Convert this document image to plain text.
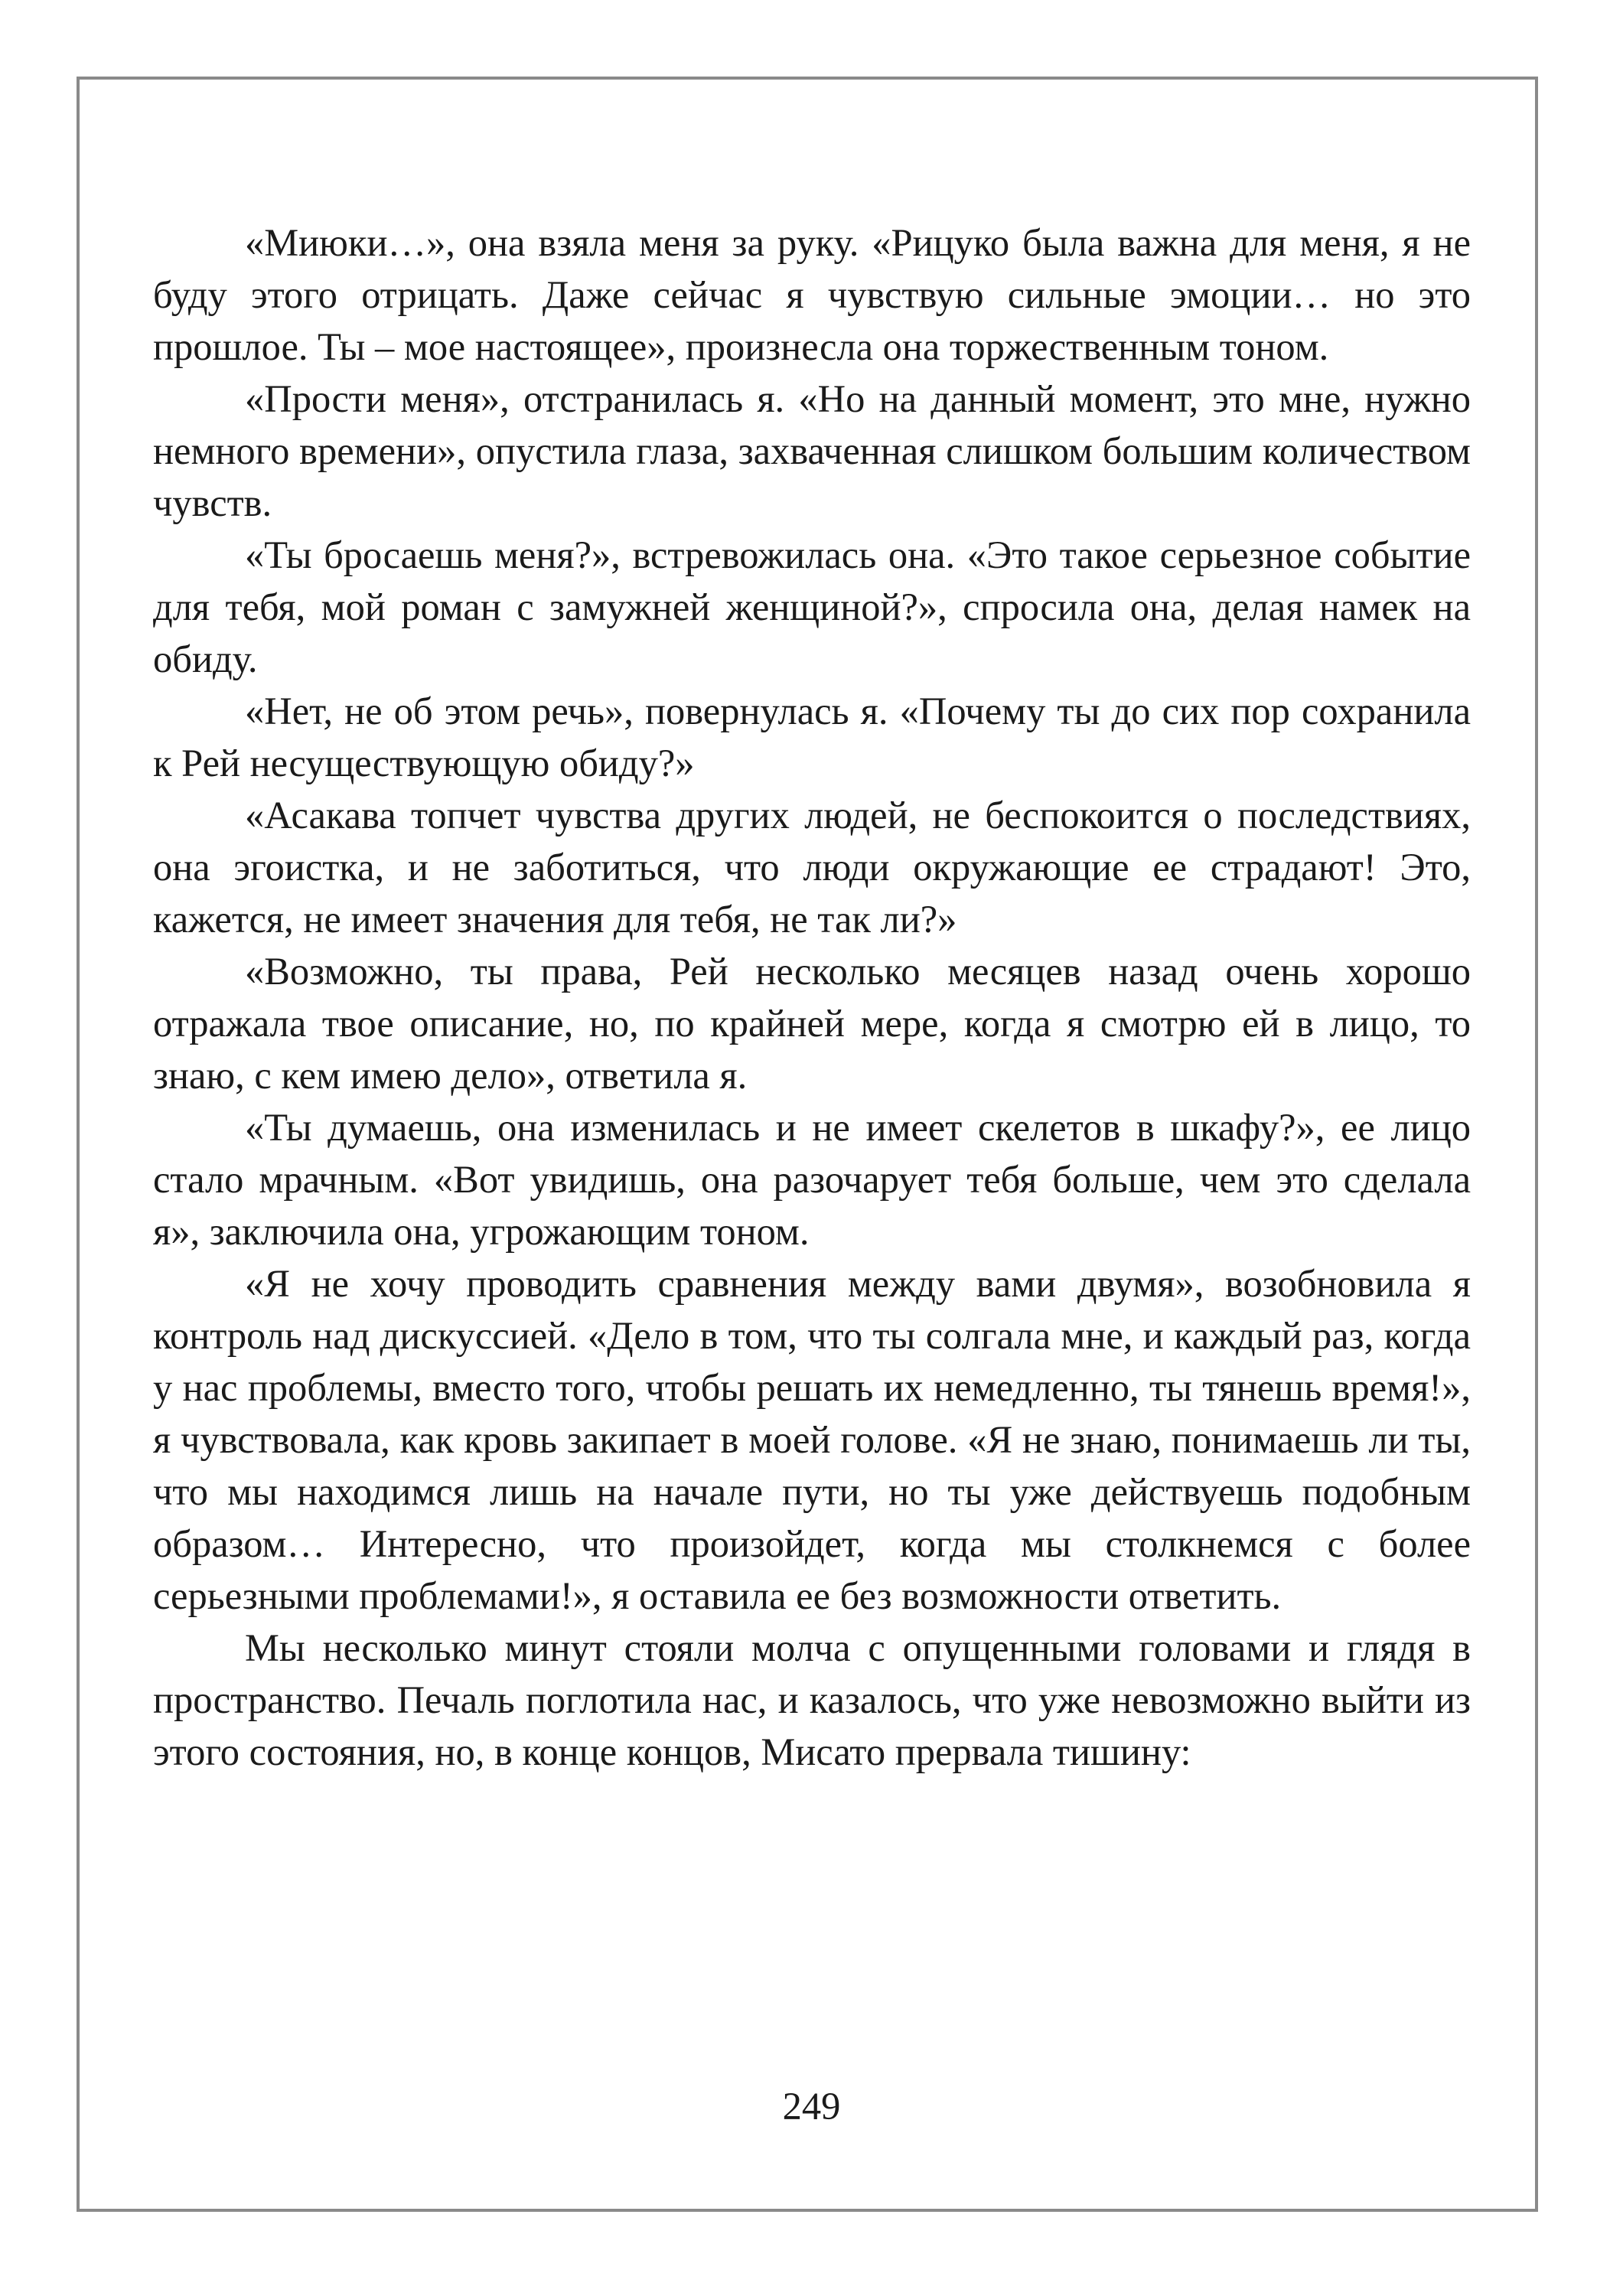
«Миюки…», она взяла меня за руку. «Рицуко была важна для меня, я не буду этого отрицать. Даже сейчас я чувствую сильные эмоции… но это прошлое. Ты – мое настоящее», произнесла она торжественным тоном.

«Прости меня», отстранилась я. «Но на данный момент, это мне, нужно немного времени», опустила глаза, захваченная слишком большим количеством чувств.

«Ты бросаешь меня?», встревожилась она. «Это такое серьезное событие для тебя, мой роман с замужней женщиной?», спросила она, делая намек на обиду.

«Нет, не об этом речь», повернулась я. «Почему ты до сих пор сохранила к Рей несуществующую обиду?»

«Асакава топчет чувства других людей, не беспокоится о последствиях, она эгоистка, и не заботиться, что люди окружающие ее страдают! Это, кажется, не имеет значения для тебя, не так ли?»

«Возможно, ты права, Рей несколько месяцев назад очень хорошо отражала твое описание, но, по крайней мере, когда я смотрю ей в лицо, то знаю, с кем имею дело», ответила я.

«Ты думаешь, она изменилась и не имеет скелетов в шкафу?», ее лицо стало мрачным. «Вот увидишь, она разочарует тебя больше, чем это сделала я», заключила она, угрожающим тоном.

«Я не хочу проводить сравнения между вами двумя», возобновила я контроль над дискуссией. «Дело в том, что ты солгала мне, и каждый раз, когда у нас проблемы, вместо того, чтобы решать их немедленно, ты тянешь время!», я чувствовала, как кровь закипает в моей голове. «Я не знаю, понимаешь ли ты, что мы находимся лишь на начале пути, но ты уже действуешь подобным образом… Интересно, что произойдет, когда мы столкнемся с более серьезными проблемами!», я оставила ее без возможности ответить.

Мы несколько минут стояли молча с опущенными головами и глядя в пространство. Печаль поглотила нас, и казалось, что уже невозможно выйти из этого состояния, но, в конце концов, Мисато прервала тишину:

249
